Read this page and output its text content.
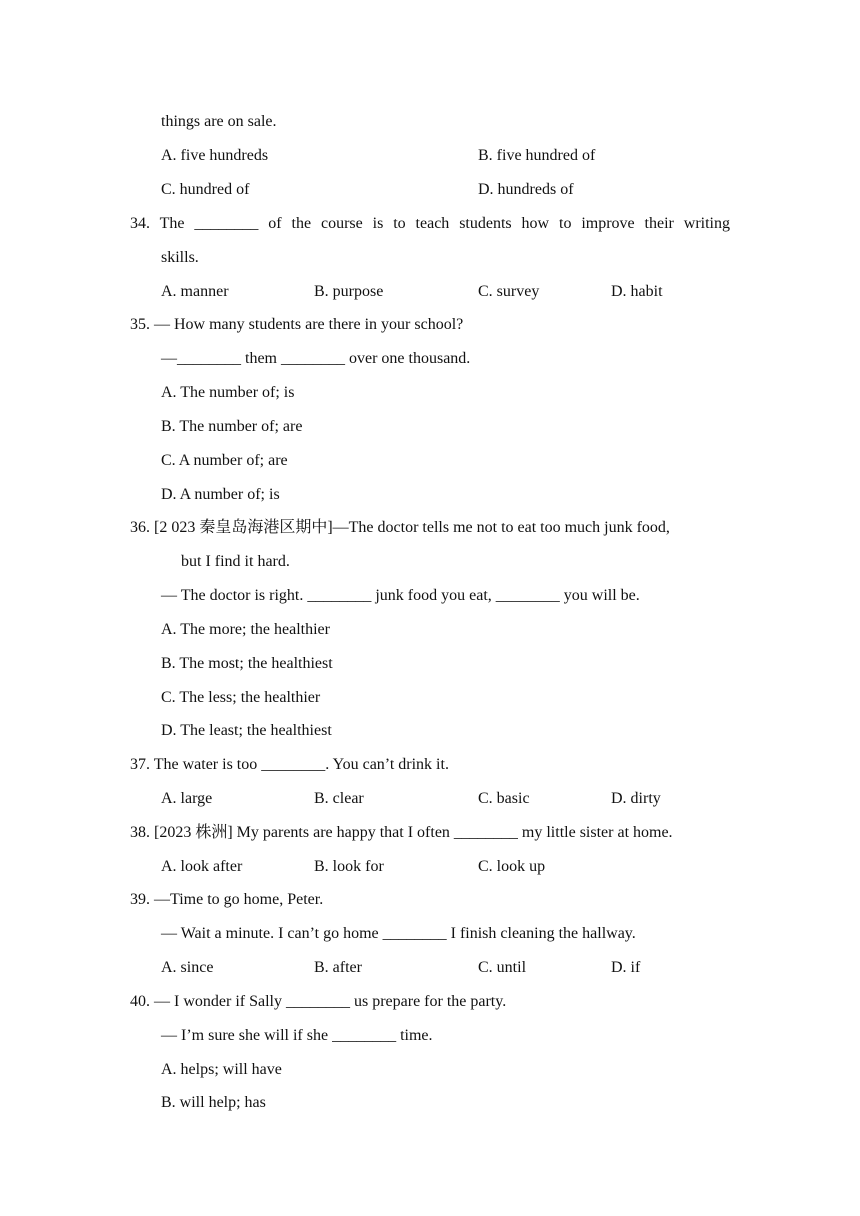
things are on sale.
A. five hundreds	B. five hundred of
C. hundred of	D. hundreds of
34. The ________ of the course is to teach students how to improve their writing
skills.
A. manner	B. purpose	C. survey	D. habit
35. — How many students are there in your school?
—________ them ________ over one thousand.
A. The number of; is
B. The number of; are
C. A number of; are
D. A number of; is
36. [2 023 秦皇岛海港区期中]—The doctor tells me not to eat too much junk food,
but I find it hard.
— The doctor is right. ________ junk food you eat, ________ you will be.
A. The more; the healthier
B. The most; the healthiest
C. The less; the healthier
D. The least; the healthiest
37. The water is too ________. You can’t drink it.
A. large	B. clear	C. basic	D. dirty
38. [2023 株洲] My parents are happy that I often ________ my little sister at home.
A. look after	B. look for	C. look up
39. —Time to go home, Peter.
— Wait a minute. I can’t go home ________ I finish cleaning the hallway.
A. since	B. after	C. until	D. if
40. — I wonder if Sally ________ us prepare for the party.
— I’m sure she will if she ________ time.
A. helps; will have
B. will help; has
